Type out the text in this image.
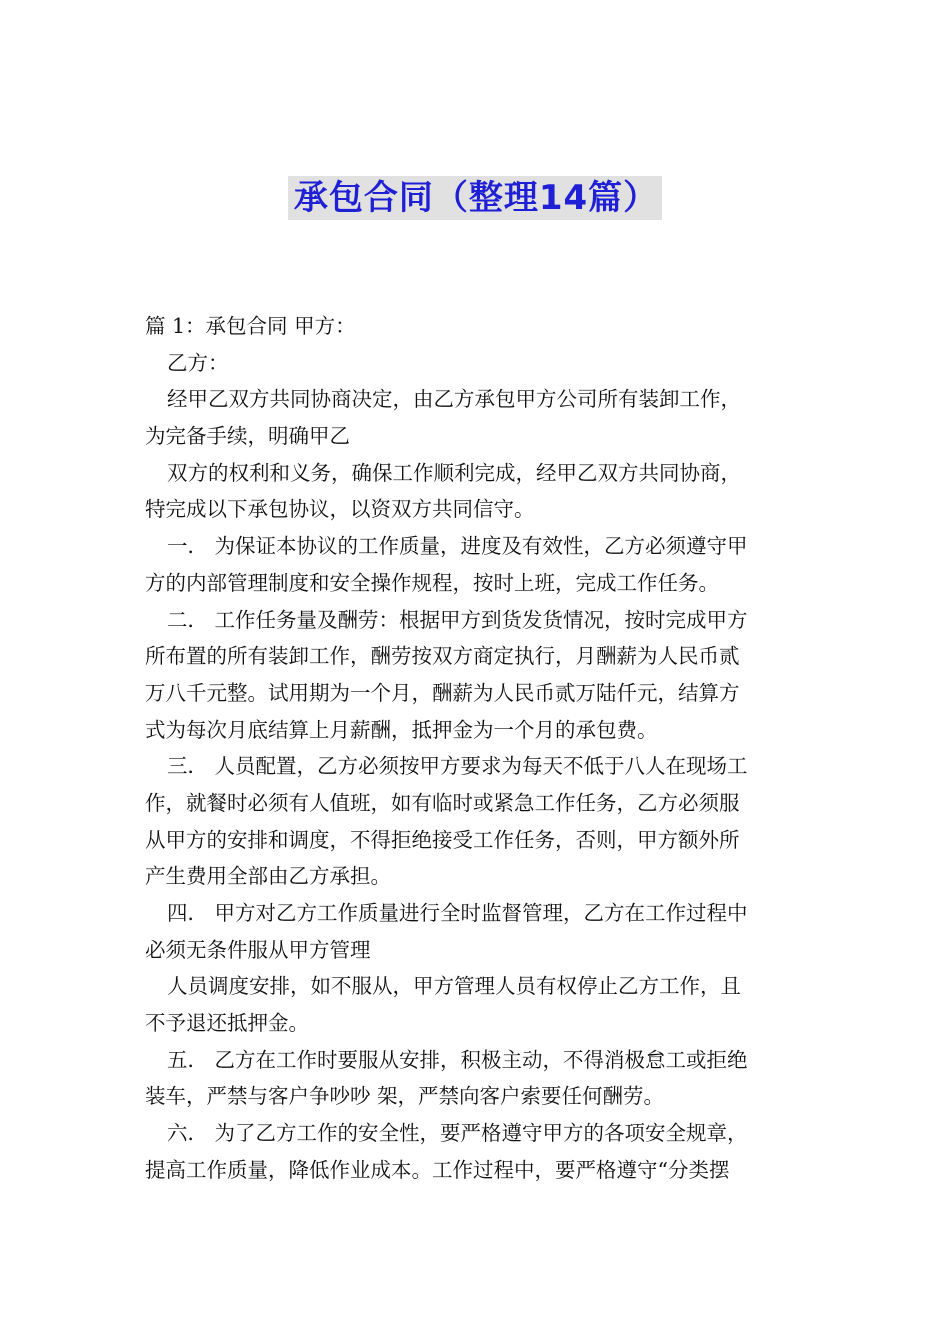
承包合同（整理14篇）
篇 1：承包合同 甲方：
乙方：
经甲乙双方共同协商决定，由乙方承包甲方公司所有装卸工作，
为完备手续，明确甲乙
双方的权利和义务，确保工作顺利完成，经甲乙双方共同协商，
特完成以下承包协议，以资双方共同信守。
一． 为保证本协议的工作质量，进度及有效性，乙方必须遵守甲
方的内部管理制度和安全操作规程，按时上班，完成工作任务。
二． 工作任务量及酬劳：根据甲方到货发货情况，按时完成甲方
所布置的所有装卸工作，酬劳按双方商定执行，月酬薪为人民币贰
万八千元整。试用期为一个月，酬薪为人民币贰万陆仟元，结算方
式为每次月底结算上月薪酬，抵押金为一个月的承包费。
三． 人员配置，乙方必须按甲方要求为每天不低于八人在现场工
作，就餐时必须有人值班，如有临时或紧急工作任务，乙方必须服
从甲方的安排和调度，不得拒绝接受工作任务，否则，甲方额外所
产生费用全部由乙方承担。
四． 甲方对乙方工作质量进行全时监督管理，乙方在工作过程中
必须无条件服从甲方管理
人员调度安排，如不服从，甲方管理人员有权停止乙方工作，且
不予退还抵押金。
五． 乙方在工作时要服从安排，积极主动，不得消极怠工或拒绝
装车，严禁与客户争吵吵 架，严禁向客户索要任何酬劳。
六． 为了乙方工作的安全性，要严格遵守甲方的各项安全规章，
提高工作质量，降低作业成本。工作过程中，要严格遵守“分类摆
